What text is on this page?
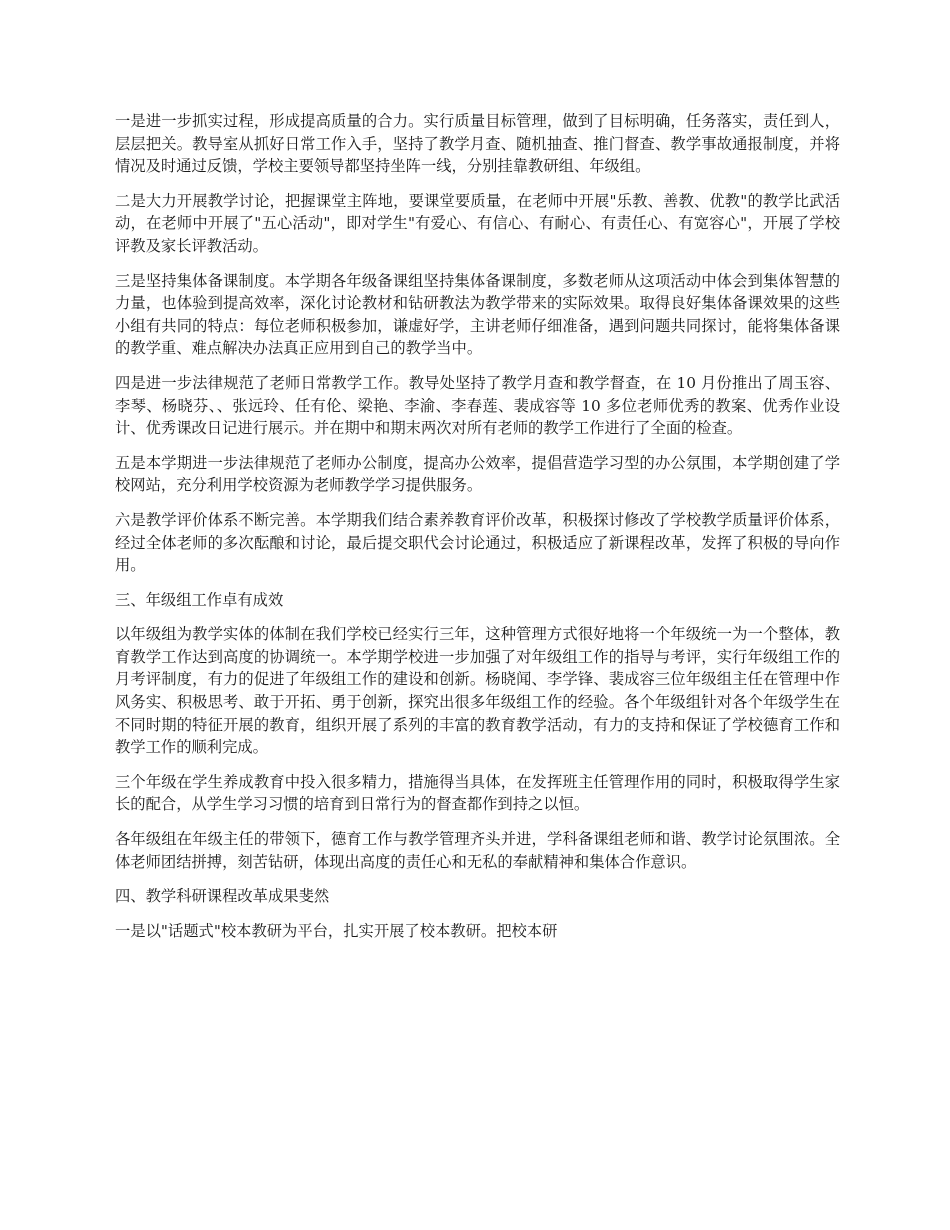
一是进一步抓实过程，形成提高质量的合力。实行质量目标管理，做到了目标明确，任务落实，责任到人，层层把关。教导室从抓好日常工作入手，坚持了教学月查、随机抽查、推门督查、教学事故通报制度，并将情况及时通过反馈，学校主要领导都坚持坐阵一线，分别挂靠教研组、年级组。

二是大力开展教学讨论，把握课堂主阵地，要课堂要质量，在老师中开展"乐教、善教、优教"的教学比武活动，在老师中开展了"五心活动"，即对学生"有爱心、有信心、有耐心、有责任心、有宽容心"，开展了学校评教及家长评教活动。

三是坚持集体备课制度。本学期各年级备课组坚持集体备课制度，多数老师从这项活动中体会到集体智慧的力量，也体验到提高效率，深化讨论教材和钻研教法为教学带来的实际效果。取得良好集体备课效果的这些小组有共同的特点：每位老师积极参加，谦虚好学，主讲老师仔细准备，遇到问题共同探讨，能将集体备课的教学重、难点解决办法真正应用到自己的教学当中。

四是进一步法律规范了老师日常教学工作。教导处坚持了教学月查和教学督查，在 10 月份推出了周玉容、李琴、杨晓芬、、张远玲、任有伦、梁艳、李渝、李春莲、裴成容等 10 多位老师优秀的教案、优秀作业设计、优秀课改日记进行展示。并在期中和期末两次对所有老师的教学工作进行了全面的检查。

五是本学期进一步法律规范了老师办公制度，提高办公效率，提倡营造学习型的办公氛围，本学期创建了学校网站，充分利用学校资源为老师教学学习提供服务。

六是教学评价体系不断完善。本学期我们结合素养教育评价改革，积极探讨修改了学校教学质量评价体系，经过全体老师的多次酝酿和讨论，最后提交职代会讨论通过，积极适应了新课程改革，发挥了积极的导向作用。

三、年级组工作卓有成效

以年级组为教学实体的体制在我们学校已经实行三年，这种管理方式很好地将一个年级统一为一个整体，教育教学工作达到高度的协调统一。本学期学校进一步加强了对年级组工作的指导与考评，实行年级组工作的月考评制度，有力的促进了年级组工作的建设和创新。杨晓闻、李学锋、裴成容三位年级组主任在管理中作风务实、积极思考、敢于开拓、勇于创新，探究出很多年级组工作的经验。各个年级组针对各个年级学生在不同时期的特征开展的教育，组织开展了系列的丰富的教育教学活动，有力的支持和保证了学校德育工作和教学工作的顺利完成。

三个年级在学生养成教育中投入很多精力，措施得当具体，在发挥班主任管理作用的同时，积极取得学生家长的配合，从学生学习习惯的培育到日常行为的督查都作到持之以恒。

各年级组在年级主任的带领下，德育工作与教学管理齐头并进，学科备课组老师和谐、教学讨论氛围浓。全体老师团结拼搏，刻苦钻研，体现出高度的责任心和无私的奉献精神和集体合作意识。

四、教学科研课程改革成果斐然

一是以"话题式"校本教研为平台，扎实开展了校本教研。把校本研
